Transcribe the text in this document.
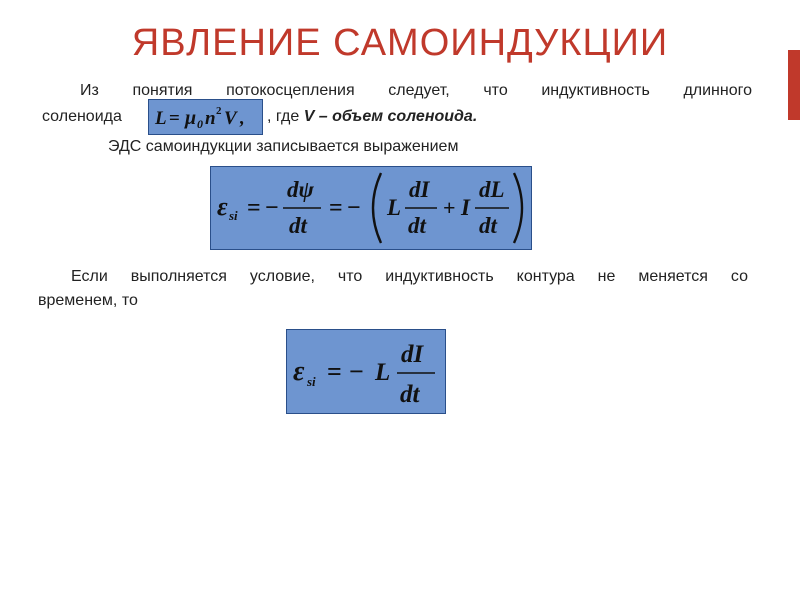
ЯВЛЕНИЕ САМОИНДУКЦИИ
Из понятия потокосцепления следует, что индуктивность длинного
соленоида L = μ 0 n 2 V , , где V – объем соленоида.
ЭДС самоиндукции записывается выражением
ε si = −
dψ
dt
= − L
dI
dt
+ I
dL
dt
Если выполняется условие, что индуктивность контура не меняется со
временем, то
ε si = − L
dI
dt
